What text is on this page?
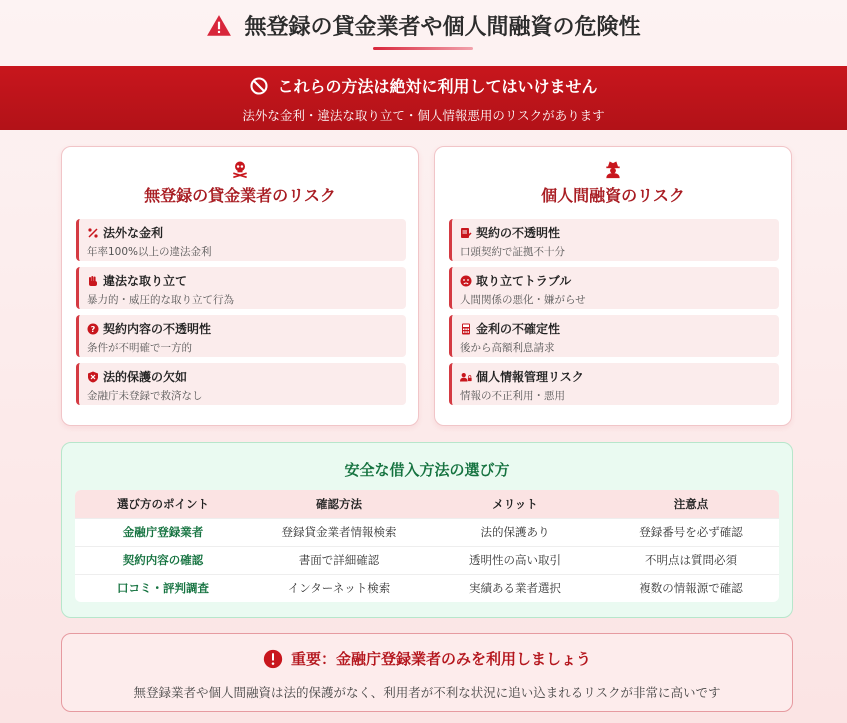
無登録の貸金業者や個人間融資の危険性
これらの方法は絶対に利用してはいけません
法外な金利・違法な取り立て・個人情報悪用のリスクがあります
無登録の貸金業者のリスク
法外な金利
年率100%以上の違法金利
違法な取り立て
暴力的・威圧的な取り立て行為
? 契約内容の不透明性
条件が不明確で一方的
法的保護の欠如
金融庁未登録で救済なし
個人間融資のリスク
契約の不透明性
口頭契約で証拠不十分
取り立てトラブル
人間関係の悪化・嫌がらせ
金利の不確定性
後から高額利息請求
個人情報管理リスク
情報の不正利用・悪用
安全な借入方法の選び方
選び方のポイント	確認方法	メリット	注意点
金融庁登録業者	登録貸金業者情報検索	法的保護あり	登録番号を必ず確認
契約内容の確認	書面で詳細確認	透明性の高い取引	不明点は質問必須
口コミ・評判調査	インターネット検索	実績ある業者選択	複数の情報源で確認
重要：金融庁登録業者のみを利用しましょう
無登録業者や個人間融資は法的保護がなく、利用者が不利な状況に追い込まれるリスクが非常に高いです
